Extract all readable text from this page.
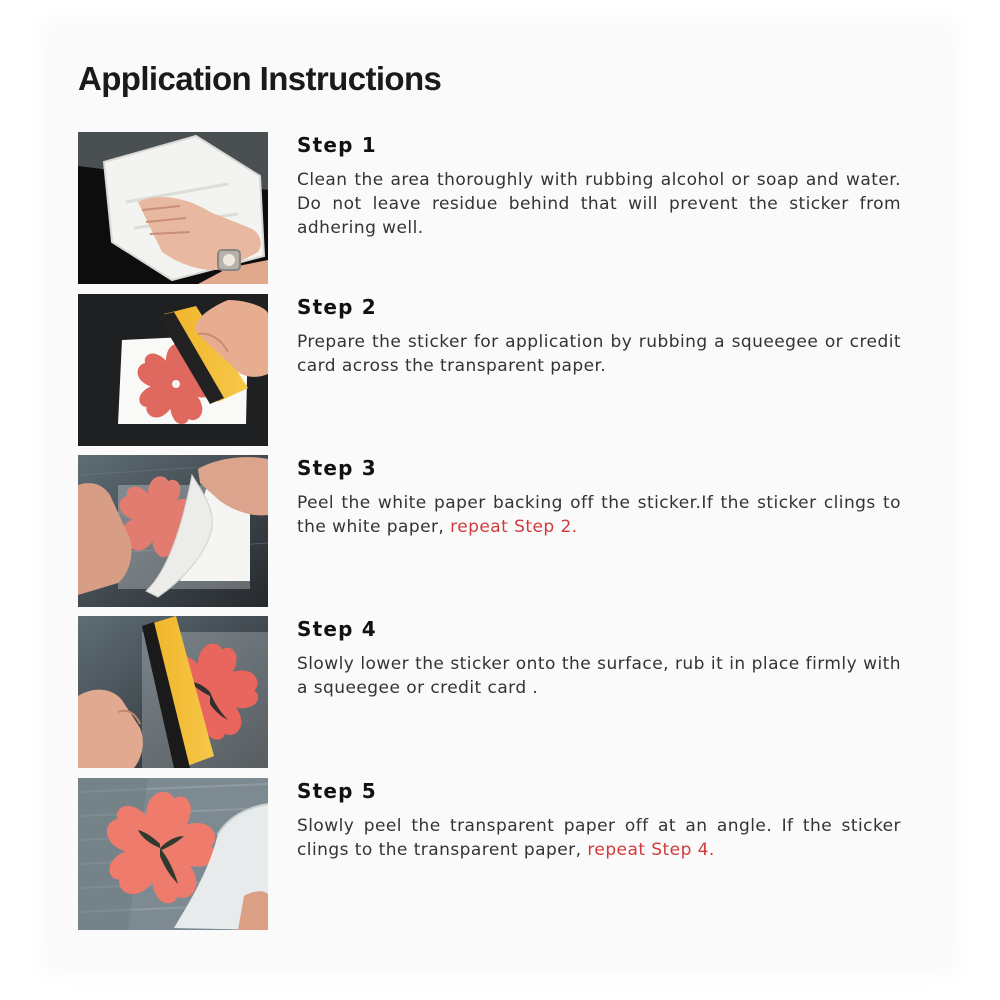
Application Instructions
Step 1

Clean the area thoroughly with rubbing alcohol or soap and water. Do not leave residue behind that will prevent the sticker from adhering well.

Step 2

Prepare the sticker for application by rubbing a squeegee or credit card across the transparent paper.

Step 3

Peel the white paper backing off the sticker.If the sticker clings to the white paper, repeat Step 2.

Step 4

Slowly lower the sticker onto the surface, rub it in place firmly with a squeegee or credit card .

Step 5

Slowly peel the transparent paper off at an angle. If the sticker clings to the transparent paper, repeat Step 4.
